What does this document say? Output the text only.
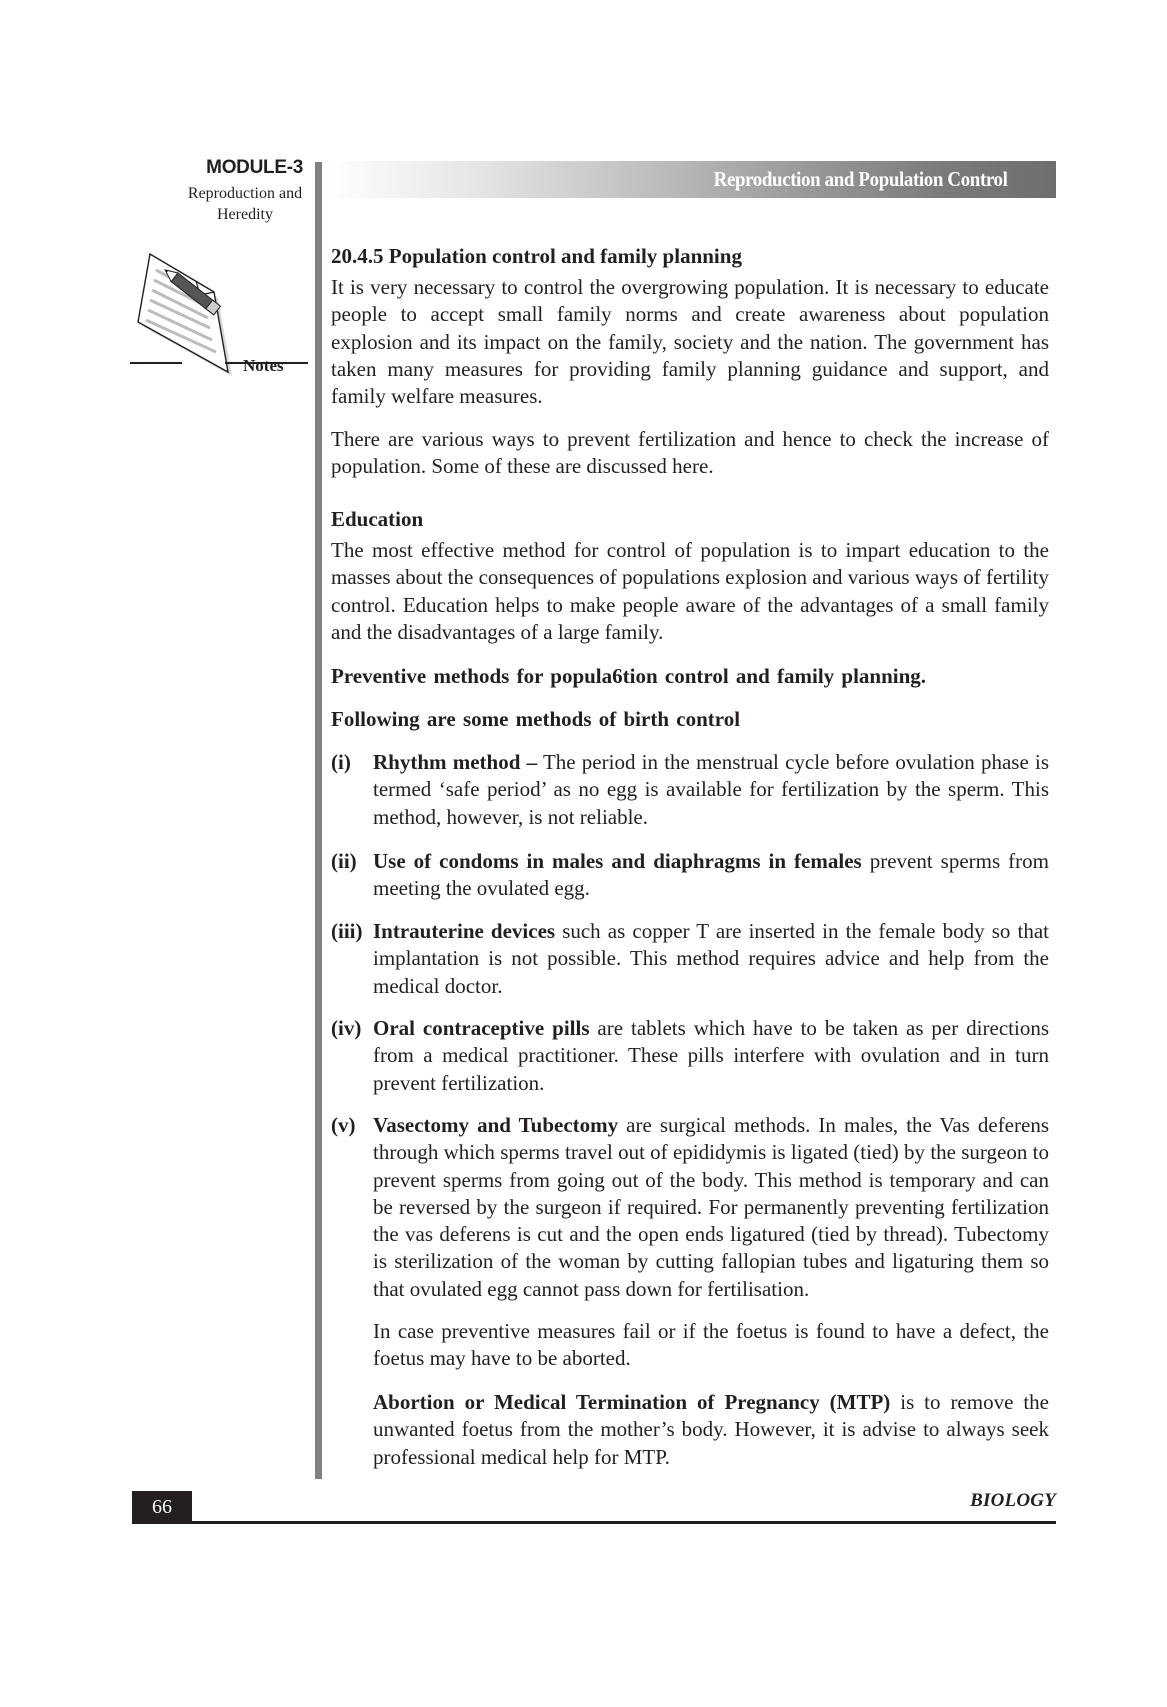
MODULE-3
Reproduction and
Heredity
Notes
Reproduction and Population Control
20.4.5 Population control and family planning
It is very necessary to control the overgrowing population. It is necessary to educate people to accept small family norms and create awareness about population explosion and its impact on the family, society and the nation. The government has taken many measures for providing family planning guidance and support, and family welfare measures.
There are various ways to prevent fertilization and hence to check the increase of population. Some of these are discussed here.
Education
The most effective method for control of population is to impart education to the masses about the consequences of populations explosion and various ways of fertility control. Education helps to make people aware of the advantages of a small family and the disadvantages of a large family.
Preventive methods for popula6tion control and family planning.
Following are some methods of birth control
(i) Rhythm method – The period in the menstrual cycle before ovulation phase is termed ‘safe period’ as no egg is available for fertilization by the sperm. This method, however, is not reliable.
(ii) Use of condoms in males and diaphragms in females prevent sperms from meeting the ovulated egg.
(iii) Intrauterine devices such as copper T are inserted in the female body so that implantation is not possible. This method requires advice and help from the medical doctor.
(iv) Oral contraceptive pills are tablets which have to be taken as per directions from a medical practitioner. These pills interfere with ovulation and in turn prevent fertilization.
(v) Vasectomy and Tubectomy are surgical methods. In males, the Vas deferens through which sperms travel out of epididymis is ligated (tied) by the surgeon to prevent sperms from going out of the body. This method is temporary and can be reversed by the surgeon if required. For permanently preventing fertilization the vas deferens is cut and the open ends ligatured (tied by thread). Tubectomy is sterilization of the woman by cutting fallopian tubes and ligaturing them so that ovulated egg cannot pass down for fertilisation.
In case preventive measures fail or if the foetus is found to have a defect, the foetus may have to be aborted.
Abortion or Medical Termination of Pregnancy (MTP) is to remove the unwanted foetus from the mother’s body. However, it is advise to always seek professional medical help for MTP.
66	BIOLOGY
